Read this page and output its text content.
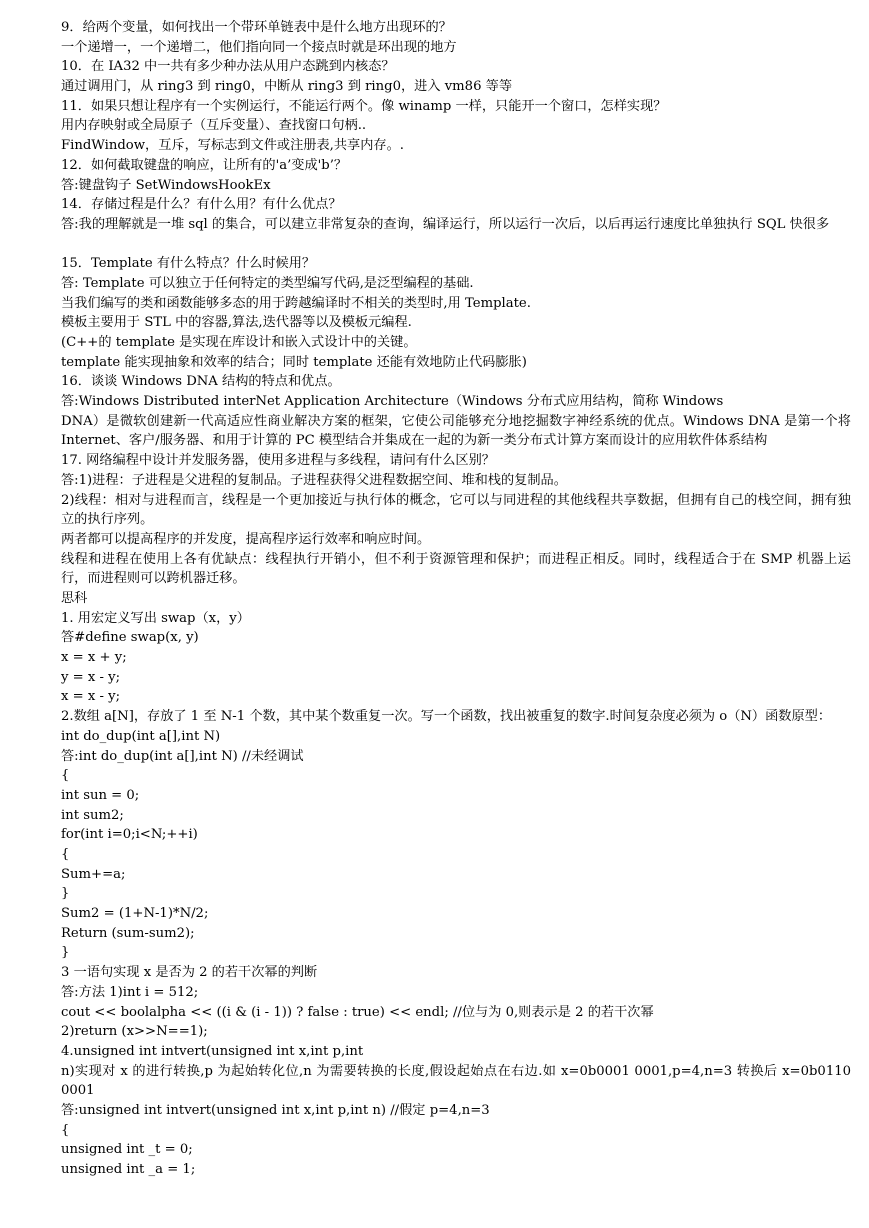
9．给两个变量，如何找出一个带环单链表中是什么地方出现环的？
一个递增一，一个递增二，他们指向同一个接点时就是环出现的地方
10．在 IA32 中一共有多少种办法从用户态跳到内核态？
通过调用门，从 ring3 到 ring0，中断从 ring3 到 ring0，进入 vm86 等等
11．如果只想让程序有一个实例运行，不能运行两个。像 winamp 一样，只能开一个窗口，怎样实现？
用内存映射或全局原子（互斥变量）、查找窗口句柄..
FindWindow，互斥，写标志到文件或注册表,共享内存。.
12．如何截取键盘的响应，让所有的'a’变成'b’？
答:键盘钩子 SetWindowsHookEx
14．存储过程是什么？有什么用？有什么优点？
答:我的理解就是一堆 sql 的集合，可以建立非常复杂的查询，编译运行，所以运行一次后，以后再运行速度比单独执行 SQL 快很多
15．Template 有什么特点？什么时候用？
答: Template 可以独立于任何特定的类型编写代码,是泛型编程的基础.
当我们编写的类和函数能够多态的用于跨越编译时不相关的类型时,用 Template.
模板主要用于 STL 中的容器,算法,迭代器等以及模板元编程.
(C++的 template 是实现在库设计和嵌入式设计中的关键。
template 能实现抽象和效率的结合；同时 template 还能有效地防止代码膨胀)
16．谈谈 Windows DNA 结构的特点和优点。
答:Windows Distributed interNet Application Architecture（Windows 分布式应用结构，简称 Windows
DNA）是微软创建新一代高适应性商业解决方案的框架，它使公司能够充分地挖掘数字神经系统的优点。Windows DNA 是第一个将 Internet、客户/服务器、和用于计算的 PC 模型结合并集成在一起的为新一类分布式计算方案而设计的应用软件体系结构
17. 网络编程中设计并发服务器，使用多进程与多线程，请问有什么区别？
答:1)进程：子进程是父进程的复制品。子进程获得父进程数据空间、堆和栈的复制品。
2)线程：相对与进程而言，线程是一个更加接近与执行体的概念，它可以与同进程的其他线程共享数据，但拥有自己的栈空间，拥有独立的执行序列。
两者都可以提高程序的并发度，提高程序运行效率和响应时间。
线程和进程在使用上各有优缺点：线程执行开销小，但不利于资源管理和保护；而进程正相反。同时，线程适合于在 SMP 机器上运行，而进程则可以跨机器迁移。
思科
1. 用宏定义写出 swap（x，y）
答#define swap(x, y)
x = x + y;
y = x - y;
x = x - y;
2.数组 a[N]，存放了 1 至 N-1 个数，其中某个数重复一次。写一个函数，找出被重复的数字.时间复杂度必须为 o（N）函数原型：
int do_dup(int a[],int N)
答:int do_dup(int a[],int N) //未经调试
{
int sun = 0;
int sum2;
for(int i=0;i<N;++i)
{
Sum+=a;
}
Sum2 = (1+N-1)*N/2;
Return (sum-sum2);
}
3 一语句实现 x 是否为 2 的若干次幂的判断
答:方法 1)int i = 512;
cout << boolalpha << ((i & (i - 1)) ? false : true) << endl; //位与为 0,则表示是 2 的若干次幂
2)return (x>>N==1);
4.unsigned int intvert(unsigned int x,int p,int
n)实现对 x 的进行转换,p 为起始转化位,n 为需要转换的长度,假设起始点在右边.如 x=0b0001 0001,p=4,n=3 转换后 x=0b0110 0001
答:unsigned int intvert(unsigned int x,int p,int n) //假定 p=4,n=3
{
unsigned int _t = 0;
unsigned int _a = 1;
